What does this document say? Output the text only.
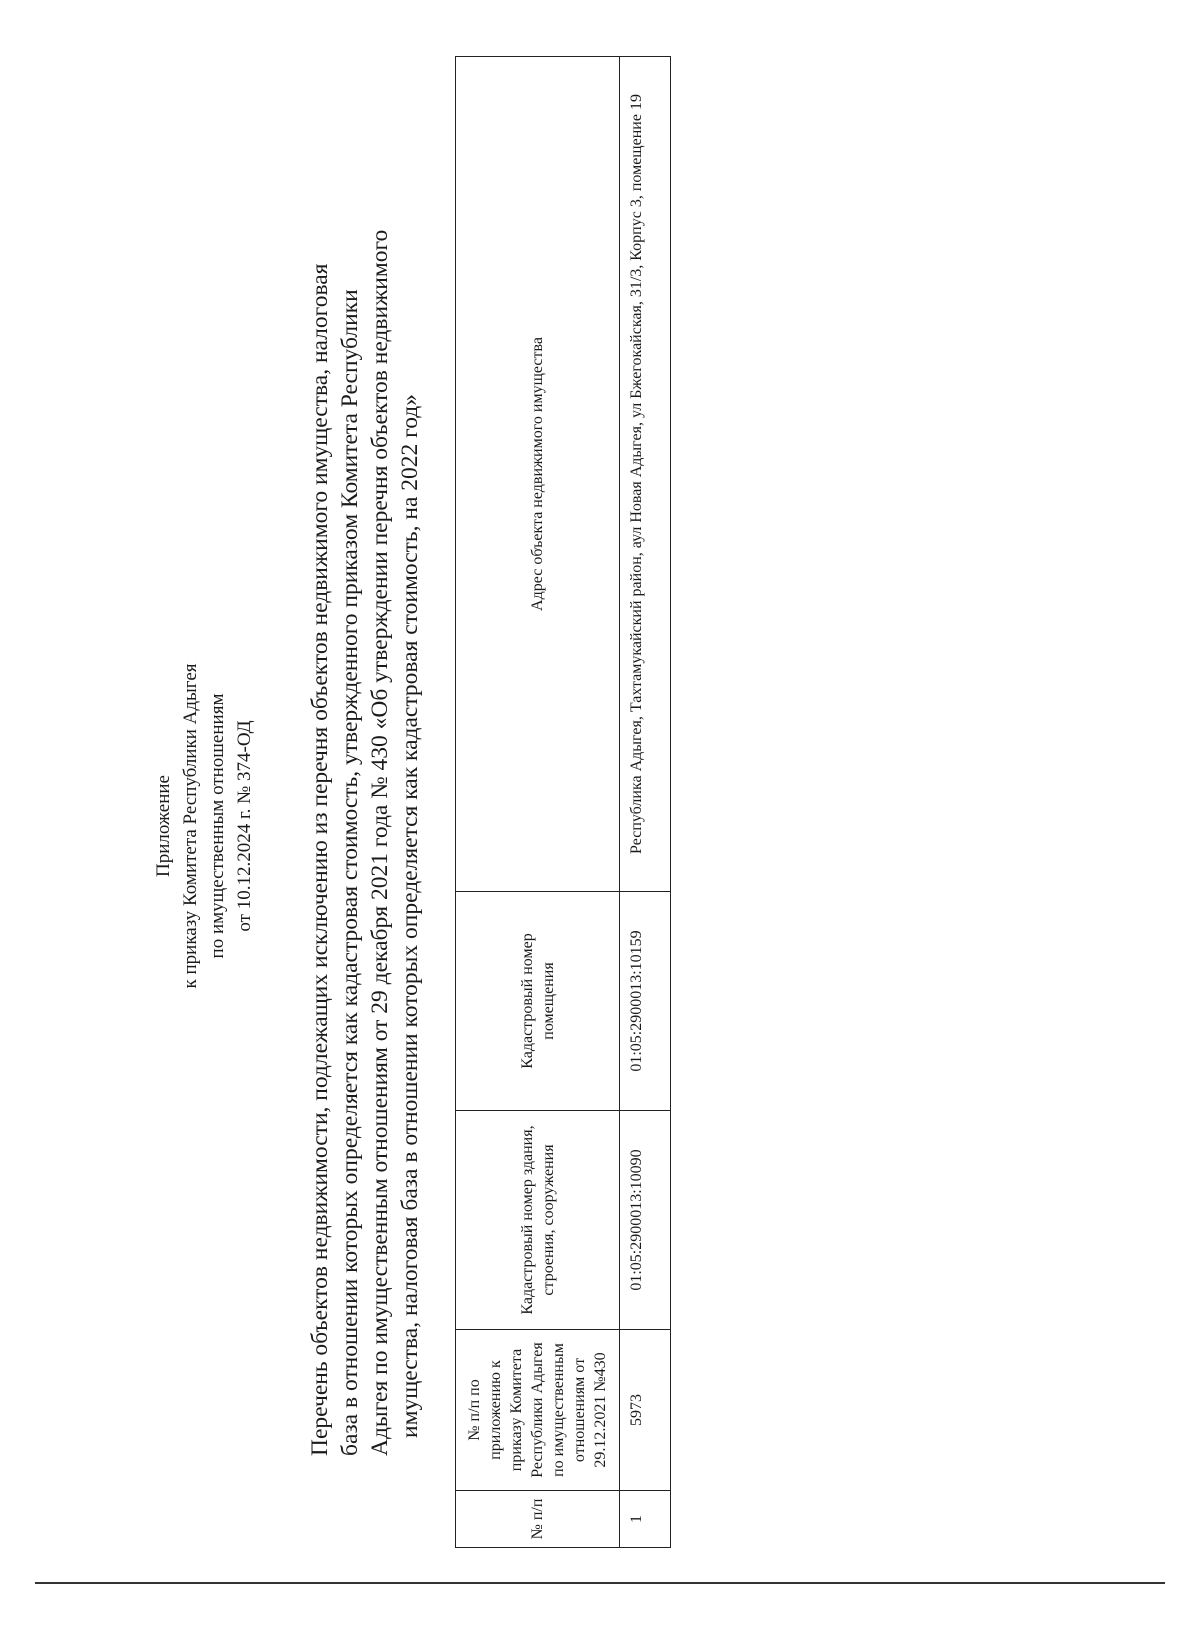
Приложение к приказу Комитета Республики Адыгея по имущественным отношениям от 10.12.2024 г. № 374-ОД Перечень объектов недвижимости, подлежащих исключению из перечня объектов недвижимого имущества, налоговая база в отношении которых определяется как кадастровая стоимость, утвержденного приказом Комитета Республики Адыгея по имущественным отношениям от 29 декабря 2021 года № 430 «Об утверждении перечня объектов недвижимого имущества, налоговая база в отношении которых определяется как кадастровая стоимость, на 2022 год»
№ п/п	№ п/п по приложению к приказу Комитета Республики Адыгея по имущественным отношениям от 29.12.2021 №430	Кадастровый номер здания, строения, сооружения	Кадастровый номер помещения	Адрес объекта недвижимого имущества
1	5973	01:05:2900013:10090	01:05:2900013:10159	Республика Адыгея, Тахтамукайский район, аул Новая Адыгея, ул Бжегокайская, 31/3, Корпус 3, помещение 19
